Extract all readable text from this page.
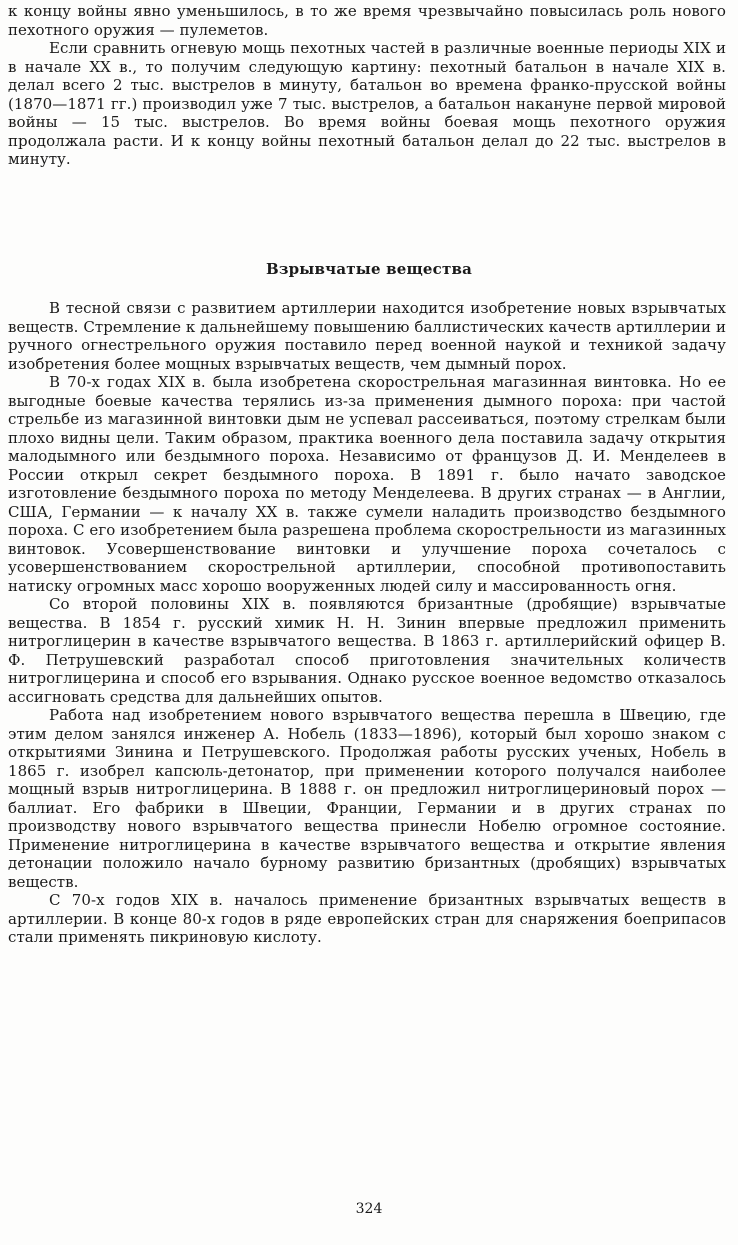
к концу войны явно уменьшилось, в то же время чрезвычайно повысилась роль нового пехотного оружия — пулеметов.

Если сравнить огневую мощь пехотных частей в различные военные периоды XIX и в начале XX в., то получим следующую картину: пехотный батальон в начале XIX в. делал всего 2 тыс. выстрелов в минуту, батальон во времена франко-прусской войны (1870—1871 гг.) производил уже 7 тыс. выстрелов, а батальон накануне первой мировой войны — 15 тыс. выстрелов. Во время войны боевая мощь пехотного оружия продолжала расти. И к концу войны пехотный батальон делал до 22 тыс. выстрелов в минуту.

Взрывчатые вещества

В тесной связи с развитием артиллерии находится изобретение новых взрывчатых веществ. Стремление к дальнейшему повышению баллистических качеств артиллерии и ручного огнестрельного оружия поставило перед военной наукой и техникой задачу изобретения более мощных взрывчатых веществ, чем дымный порох.

В 70-х годах XIX в. была изобретена скорострельная магазинная винтовка. Но ее выгодные боевые качества терялись из-за применения дымного пороха: при частой стрельбе из магазинной винтовки дым не успевал рассеиваться, поэтому стрелкам были плохо видны цели. Таким образом, практика военного дела поставила задачу открытия малодымного или бездымного пороха. Независимо от французов Д. И. Менделеев в России открыл секрет бездымного пороха. В 1891 г. было начато заводское изготовление бездымного пороха по методу Менделеева. В других странах — в Англии, США, Германии — к началу XX в. также сумели наладить производство бездымного пороха. С его изобретением была разрешена проблема скорострельности из магазинных винтовок. Усовершенствование винтовки и улучшение пороха сочеталось с усовершенствованием скорострельной артиллерии, способной противопоставить натиску огромных масс хорошо вооруженных людей силу и массированность огня.

Со второй половины XIX в. появляются бризантные (дробящие) взрывчатые вещества. В 1854 г. русский химик Н. Н. Зинин впервые предложил применить нитроглицерин в качестве взрывчатого вещества. В 1863 г. артиллерийский офицер В. Ф. Петрушевский разработал способ приготовления значительных количеств нитроглицерина и способ его взрывания. Однако русское военное ведомство отказалось ассигновать средства для дальнейших опытов.

Работа над изобретением нового взрывчатого вещества перешла в Швецию, где этим делом занялся инженер А. Нобель (1833—1896), который был хорошо знаком с открытиями Зинина и Петрушевского. Продолжая работы русских ученых, Нобель в 1865 г. изобрел капсюль-детонатор, при применении которого получался наиболее мощный взрыв нитроглицерина. В 1888 г. он предложил нитроглицериновый порох — баллиат. Его фабрики в Швеции, Франции, Германии и в других странах по производству нового взрывчатого вещества принесли Нобелю огромное состояние. Применение нитроглицерина в качестве взрывчатого вещества и открытие явления детонации положило начало бурному развитию бризантных (дробящих) взрывчатых веществ.

С 70-х годов XIX в. началось применение бризантных взрывчатых веществ в артиллерии. В конце 80-х годов в ряде европейских стран для снаряжения боеприпасов стали применять пикриновую кислоту.

324
